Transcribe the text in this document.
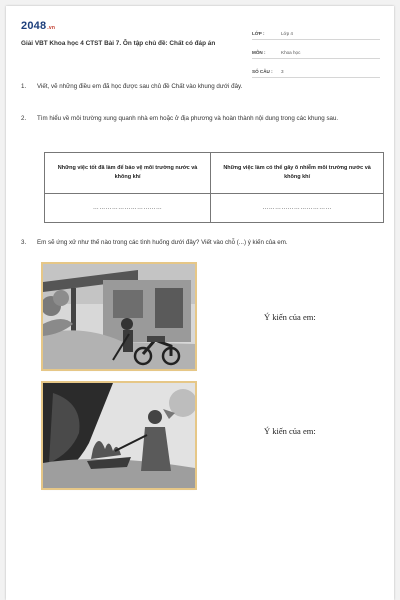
2048.vn
Giải VBT Khoa học 4 CTST Bài 7. Ôn tập chủ đề: Chất có đáp án
LỚP :	Lớp 4
MÔN :	Khoa học
SỐ CÂU :	3
1.	Viết, vẽ những điều em đã học được sau chủ đề Chất vào khung dưới đây.
2.	Tìm hiểu về môi trường xung quanh nhà em hoặc ở địa phương và hoàn thành nội dung trong các khung sau.
Những việc tốt đã làm để bảo vệ môi trường nước và không khí	Những việc làm có thể gây ô nhiễm môi trường nước và không khí
……………………………	……………………………
3.	Em sẽ ứng xử như thế nào trong các tình huống dưới đây? Viết vào chỗ (...) ý kiến của em.
Ý kiến của em:
Ý kiến của em:
